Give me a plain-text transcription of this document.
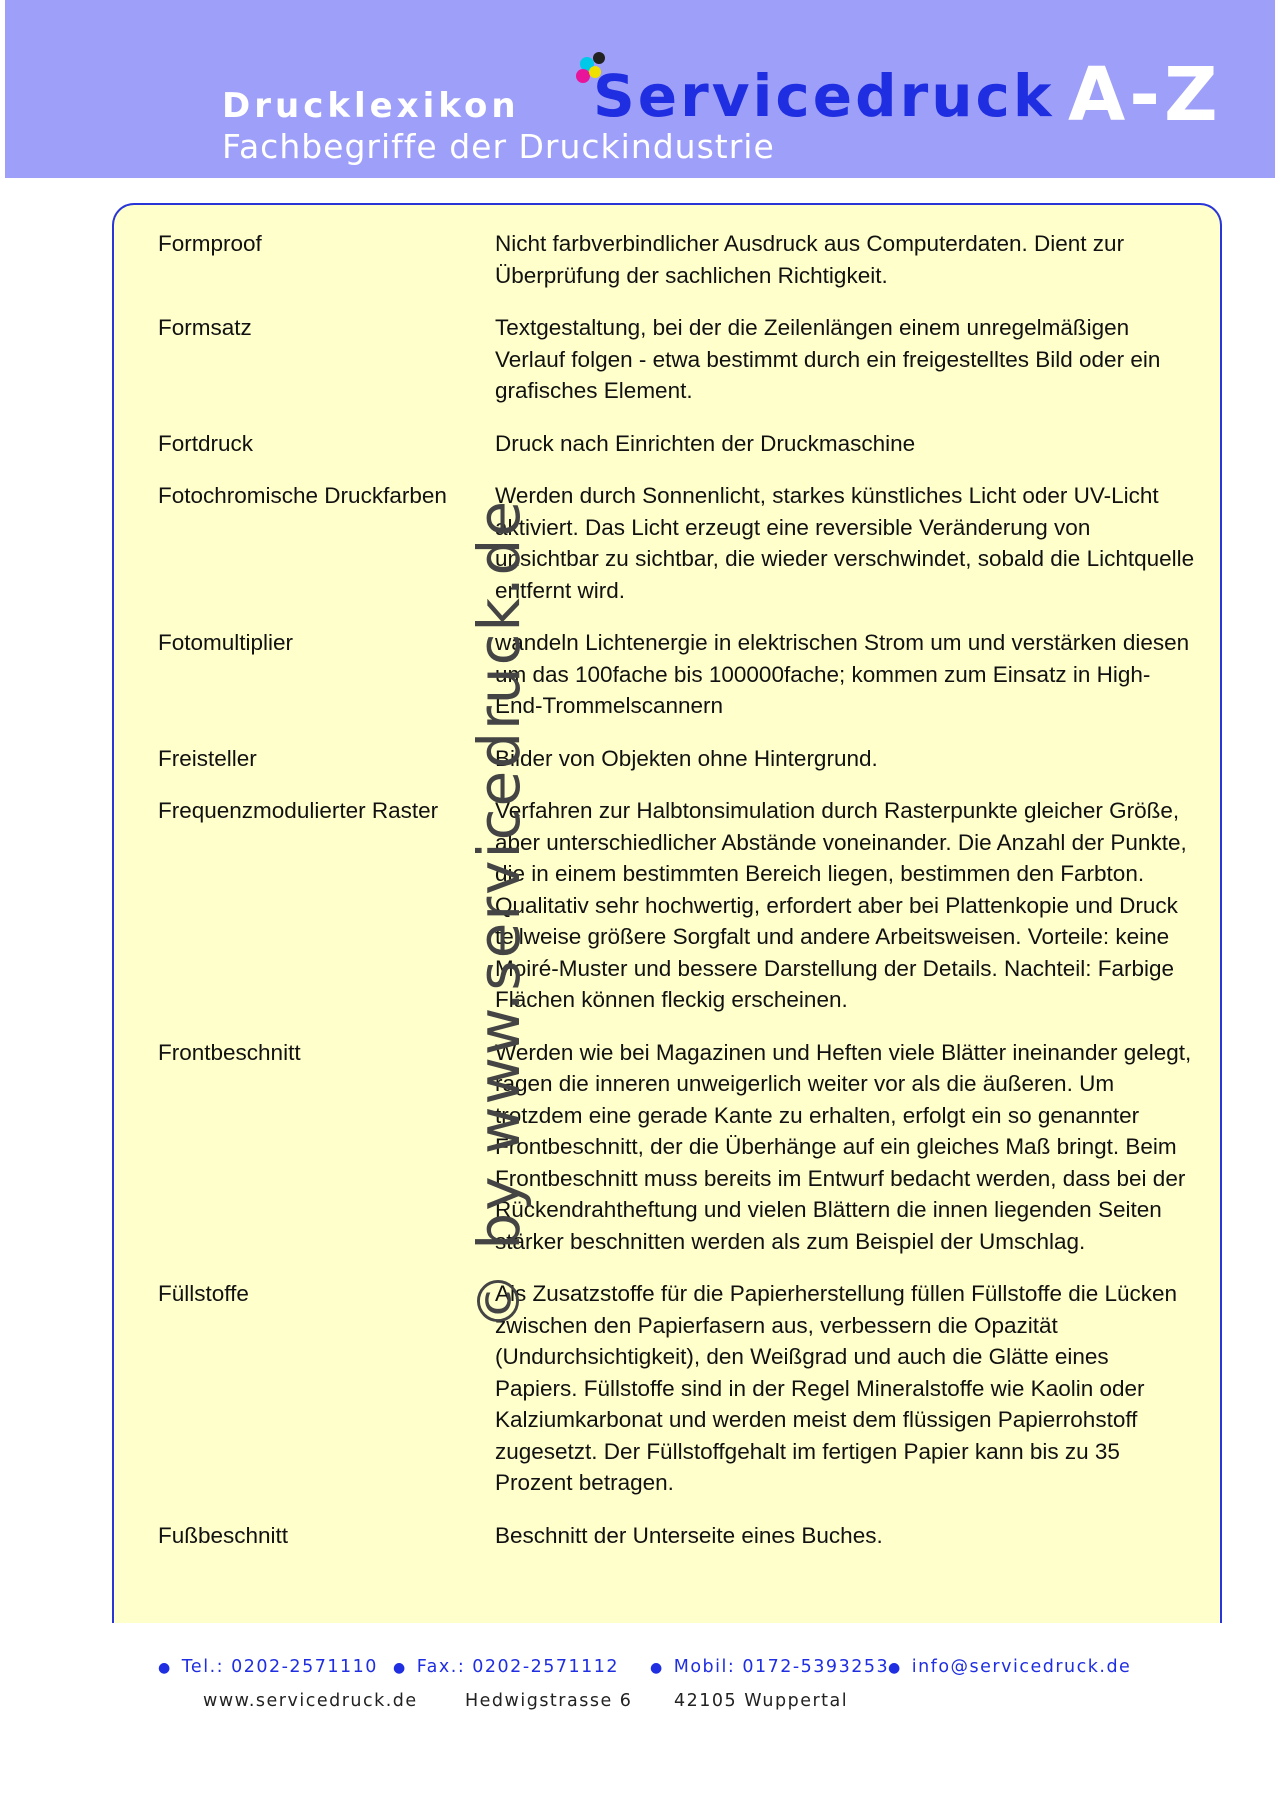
Drucklexikon
Fachbegriffe der Druckindustrie
Servicedruck A-Z
Formproof	Nicht farbverbindlicher Ausdruck aus Computerdaten. Dient zur Überprüfung der sachlichen Richtigkeit.
Formsatz	Textgestaltung, bei der die Zeilenlängen einem unregelmäßigen Verlauf folgen - etwa bestimmt durch ein freigestelltes Bild oder ein grafisches Element.
Fortdruck	Druck nach Einrichten der Druckmaschine
Fotochromische Druckfarben	Werden durch Sonnenlicht, starkes künstliches Licht oder UV-Licht aktiviert. Das Licht erzeugt eine reversible Veränderung von unsichtbar zu sichtbar, die wieder verschwindet, sobald die Lichtquelle entfernt wird.
Fotomultiplier	wandeln Lichtenergie in elektrischen Strom um und verstärken diesen um das 100fache bis 100000fache; kommen zum Einsatz in High-End-Trommelscannern
Freisteller	Bilder von Objekten ohne Hintergrund.
Frequenzmodulierter Raster	Verfahren zur Halbtonsimulation durch Rasterpunkte gleicher Größe, aber unterschiedlicher Abstände voneinander. Die Anzahl der Punkte, die in einem bestimmten Bereich liegen, bestimmen den Farbton. Qualitativ sehr hochwertig, erfordert aber bei Plattenkopie und Druck teilweise größere Sorgfalt und andere Arbeitsweisen. Vorteile: keine Moiré-Muster und bessere Darstellung der Details. Nachteil: Farbige Flächen können fleckig erscheinen.
Frontbeschnitt	Werden wie bei Magazinen und Heften viele Blätter ineinander gelegt, ragen die inneren unweigerlich weiter vor als die äußeren. Um trotzdem eine gerade Kante zu erhalten, erfolgt ein so genannter Frontbeschnitt, der die Überhänge auf ein gleiches Maß bringt. Beim Frontbeschnitt muss bereits im Entwurf bedacht werden, dass bei der Rückendrahtheftung und vielen Blättern die innen liegenden Seiten stärker beschnitten werden als zum Beispiel der Umschlag.
Füllstoffe	Als Zusatzstoffe für die Papierherstellung füllen Füllstoffe die Lücken zwischen den Papierfasern aus, verbessern die Opazität (Undurchsichtigkeit), den Weißgrad und auch die Glätte eines Papiers. Füllstoffe sind in der Regel Mineralstoffe wie Kaolin oder Kalziumkarbonat und werden meist dem flüssigen Papierrohstoff zugesetzt. Der Füllstoffgehalt im fertigen Papier kann bis zu 35 Prozent betragen.
Fußbeschnitt	Beschnitt der Unterseite eines Buches.
© by www.servicedruck.de
● Tel.: 0202-2571110 ● Fax.: 0202-2571112 ● Mobil: 0172-5393253
● info@servicedruck.de
www.servicedruck.de	Hedwigstrasse 6 42105 Wuppertal
